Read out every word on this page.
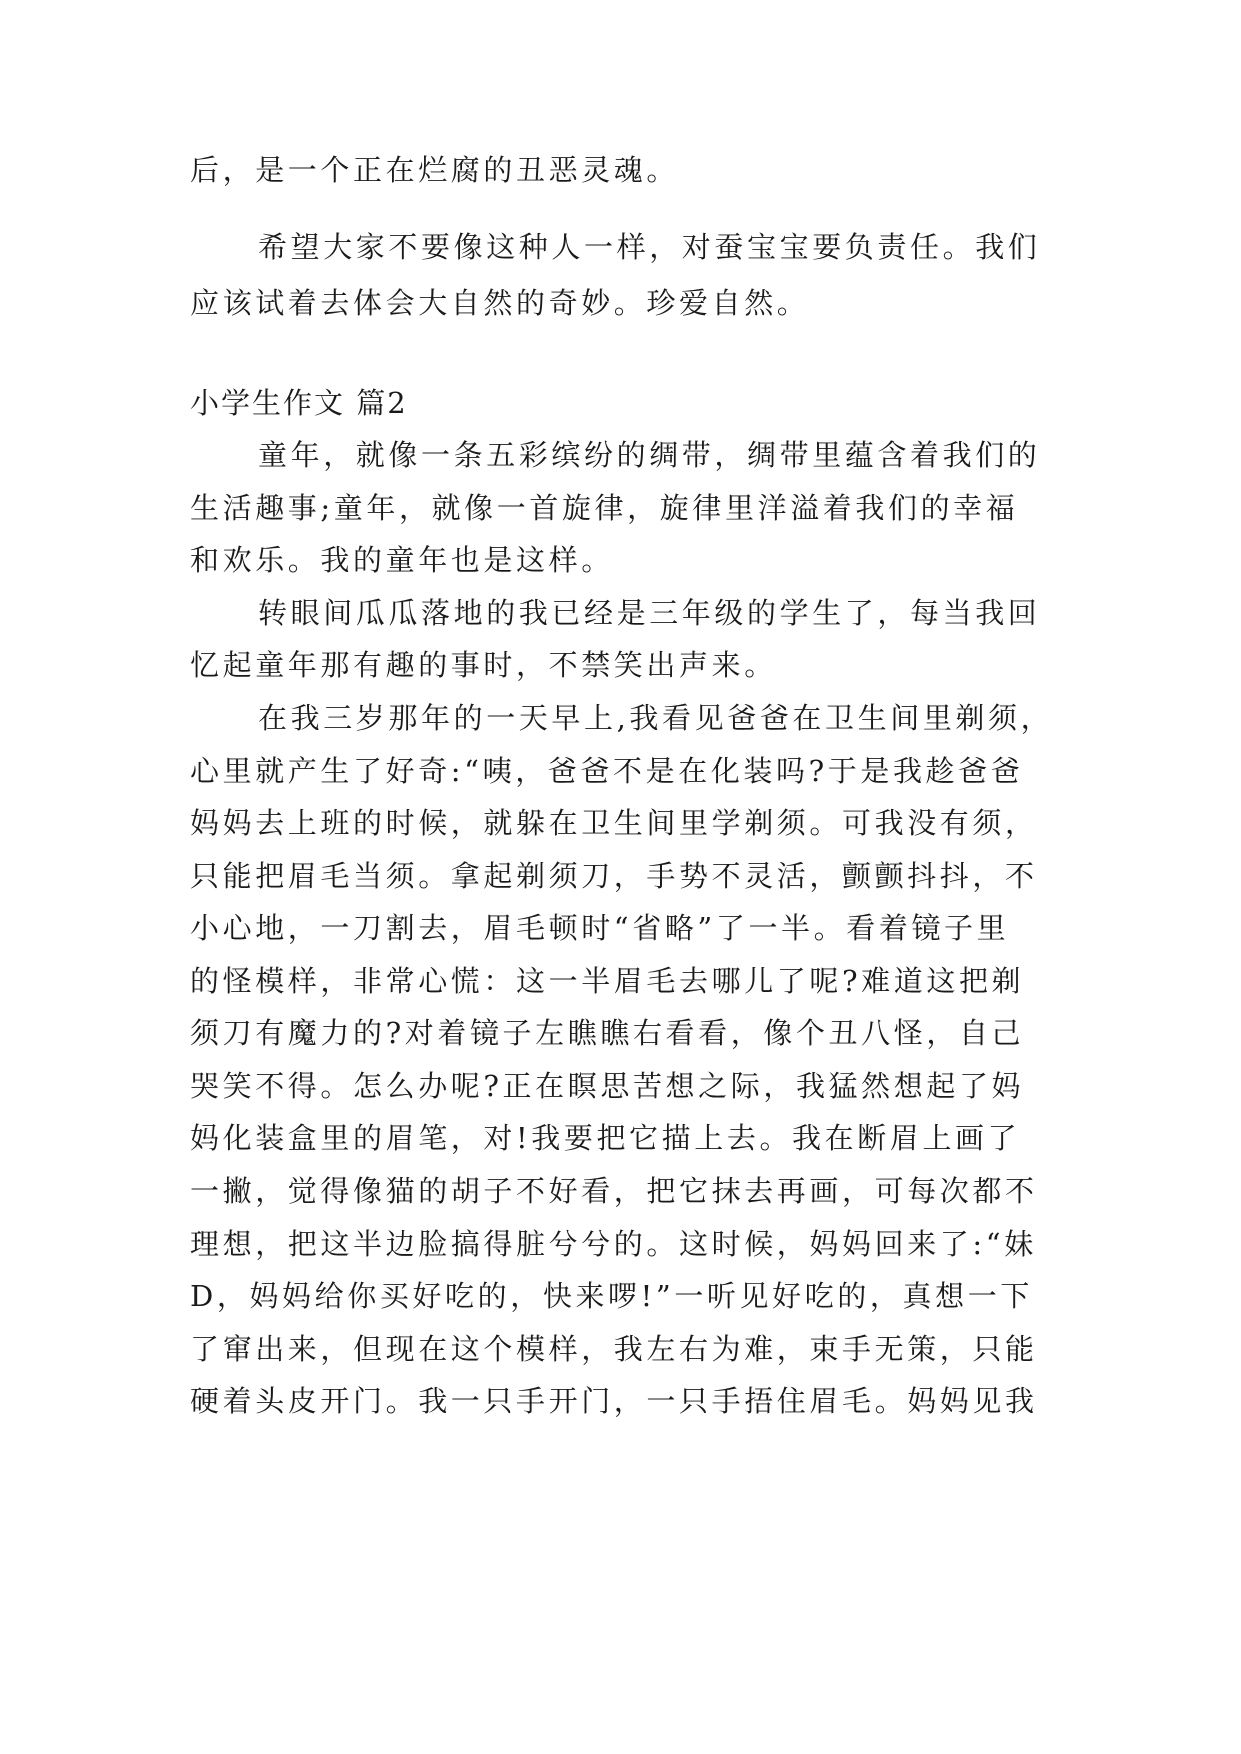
后，是一个正在烂腐的丑恶灵魂。
希望大家不要像这种人一样，对蚕宝宝要负责任。我们
应该试着去体会大自然的奇妙。珍爱自然。
小学生作文 篇2
童年，就像一条五彩缤纷的绸带，绸带里蕴含着我们的
生活趣事;童年，就像一首旋律，旋律里洋溢着我们的幸福
和欢乐。我的童年也是这样。
转眼间瓜瓜落地的我已经是三年级的学生了，每当我回
忆起童年那有趣的事时，不禁笑出声来。
在我三岁那年的一天早上,我看见爸爸在卫生间里剃须，
心里就产生了好奇:“咦，爸爸不是在化装吗?于是我趁爸爸
妈妈去上班的时候，就躲在卫生间里学剃须。可我没有须，
只能把眉毛当须。拿起剃须刀，手势不灵活，颤颤抖抖，不
小心地，一刀割去，眉毛顿时“省略”了一半。看着镜子里
的怪模样，非常心慌：这一半眉毛去哪儿了呢?难道这把剃
须刀有魔力的?对着镜子左瞧瞧右看看，像个丑八怪，自己
哭笑不得。怎么办呢?正在瞑思苦想之际，我猛然想起了妈
妈化装盒里的眉笔，对!我要把它描上去。我在断眉上画了
一撇，觉得像猫的胡子不好看，把它抹去再画，可每次都不
理想，把这半边脸搞得脏兮兮的。这时候，妈妈回来了:“妹
D，妈妈给你买好吃的，快来啰!”一听见好吃的，真想一下
了窜出来，但现在这个模样，我左右为难，束手无策，只能
硬着头皮开门。我一只手开门，一只手捂住眉毛。妈妈见我
